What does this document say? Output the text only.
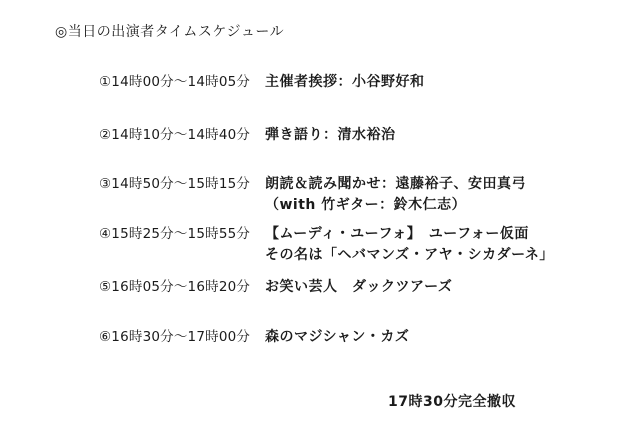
◎当日の出演者タイムスケジュール
①14時00分～14時05分 主催者挨拶：小谷野好和
②14時10分～14時40分 弾き語り：清水裕治
③14時50分～15時15分 朗読＆読み聞かせ：遠藤裕子、安田真弓
（with 竹ギター：鈴木仁志）
④15時25分～15時55分 【ムーディ・ユーフォ】　ユーフォー仮面
その名は「ヘバマンズ・アヤ・シカダーネ」
⑤16時05分～16時20分 お笑い芸人　ダックツアーズ
⑥16時30分～17時00分 森のマジシャン・カズ
17時30分完全撤収
